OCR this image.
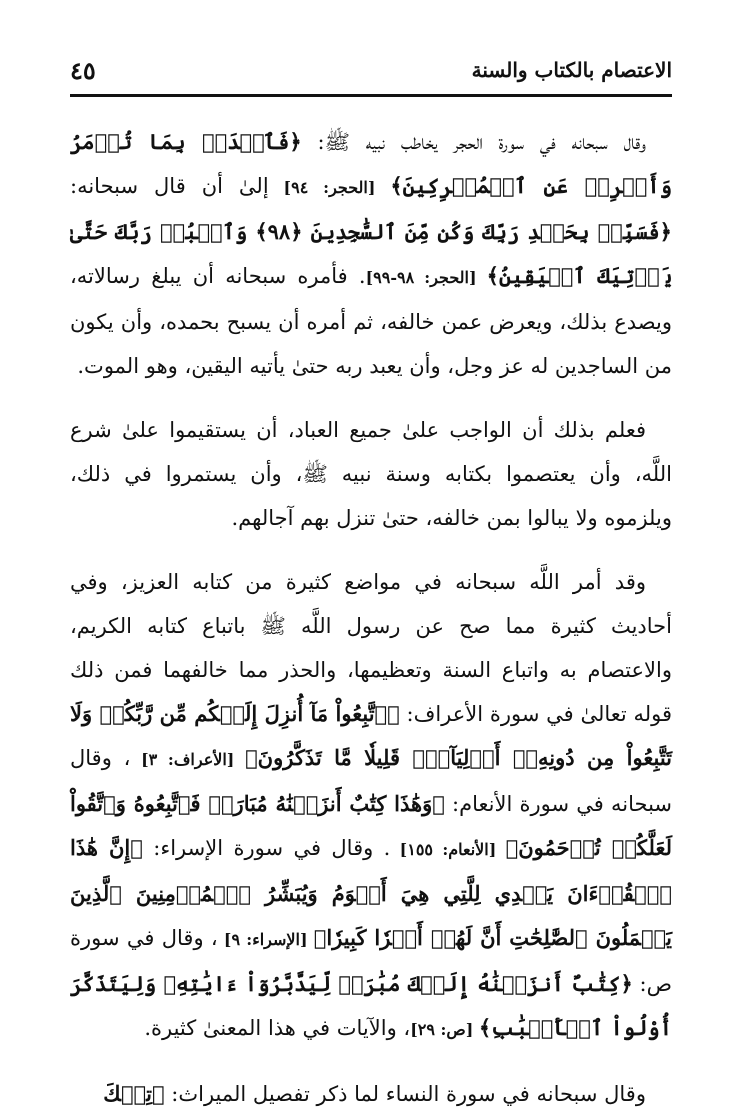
الاعتصام بالكتاب والسنة
٤٥

وقال سبحانه في سورة الحجر يخاطب نبيه ﷺ: ﴿فَٱصۡدَعۡ بِمَا تُؤۡمَرُ وَأَعۡرِضۡ عَنِ ٱلۡمُشۡرِكِينَ﴾ [الحجر: ٩٤] إلىٰ أن قال سبحانه: ﴿فَسَبِّحۡ بِحَمۡدِ رَبِّكَ وَكُن مِّنَ ٱلسَّٰجِدِينَ ﴿٩٨﴾ وَٱعۡبُدۡ رَبَّكَ حَتَّىٰ يَأۡتِيَكَ ٱلۡيَقِينُ﴾ [الحجر: ٩٨-٩٩]. فأمره سبحانه أن يبلغ رسالاته، ويصدع بذلك، ويعرض عمن خالفه، ثم أمره أن يسبح بحمده، وأن يكون من الساجدين له عز وجل، وأن يعبد ربه حتىٰ يأتيه اليقين، وهو الموت.

فعلم بذلك أن الواجب علىٰ جميع العباد، أن يستقيموا علىٰ شرع اللَّه، وأن يعتصموا بكتابه وسنة نبيه ﷺ، وأن يستمروا في ذلك، ويلزموه ولا يبالوا بمن خالفه، حتىٰ تنزل بهم آجالهم.

وقد أمر اللَّه سبحانه في مواضع كثيرة من كتابه العزيز، وفي أحاديث كثيرة مما صح عن رسول اللَّه ﷺ باتباع كتابه الكريم، والاعتصام به واتباع السنة وتعظيمها، والحذر مما خالفهما فمن ذلك قوله تعالىٰ في سورة الأعراف: ﴿ٱتَّبِعُواْ مَآ أُنزِلَ إِلَيۡكُم مِّن رَّبِّكُمۡ وَلَا تَتَّبِعُواْ مِن دُونِهِۦٓ أَوۡلِيَآءَۗ قَلِيلٗا مَّا تَذَكَّرُونَ﴾ [الأعراف: ٣] ، وقال سبحانه في سورة الأنعام: ﴿وَهَٰذَا كِتَٰبٌ أَنزَلۡنَٰهُ مُبَارَكٞ فَٱتَّبِعُوهُ وَٱتَّقُواْ لَعَلَّكُمۡ تُرۡحَمُونَ﴾ [الأنعام: ١٥٥] . وقال في سورة الإسراء: ﴿إِنَّ هَٰذَا ٱلۡقُرۡءَانَ يَهۡدِي لِلَّتِي هِيَ أَقۡوَمُ وَيُبَشِّرُ ٱلۡمُؤۡمِنِينَ ٱلَّذِينَ يَعۡمَلُونَ ٱلصَّٰلِحَٰتِ أَنَّ لَهُمۡ أَجۡرٗا كَبِيرٗا﴾ [الإسراء: ٩] ، وقال في سورة ص: ﴿كِتَٰبٌ أَنزَلۡنَٰهُ إِلَيۡكَ مُبَٰرَكٞ لِّيَدَّبَّرُوٓاْ ءَايَٰتِهِۦ وَلِيَتَذَكَّرَ أُوْلُواْ ٱلۡأَلۡبَٰبِ﴾ [ص: ٢٩]، والآيات في هذا المعنىٰ كثيرة.

وقال سبحانه في سورة النساء لما ذكر تفصيل الميراث: ﴿تِلۡكَ
